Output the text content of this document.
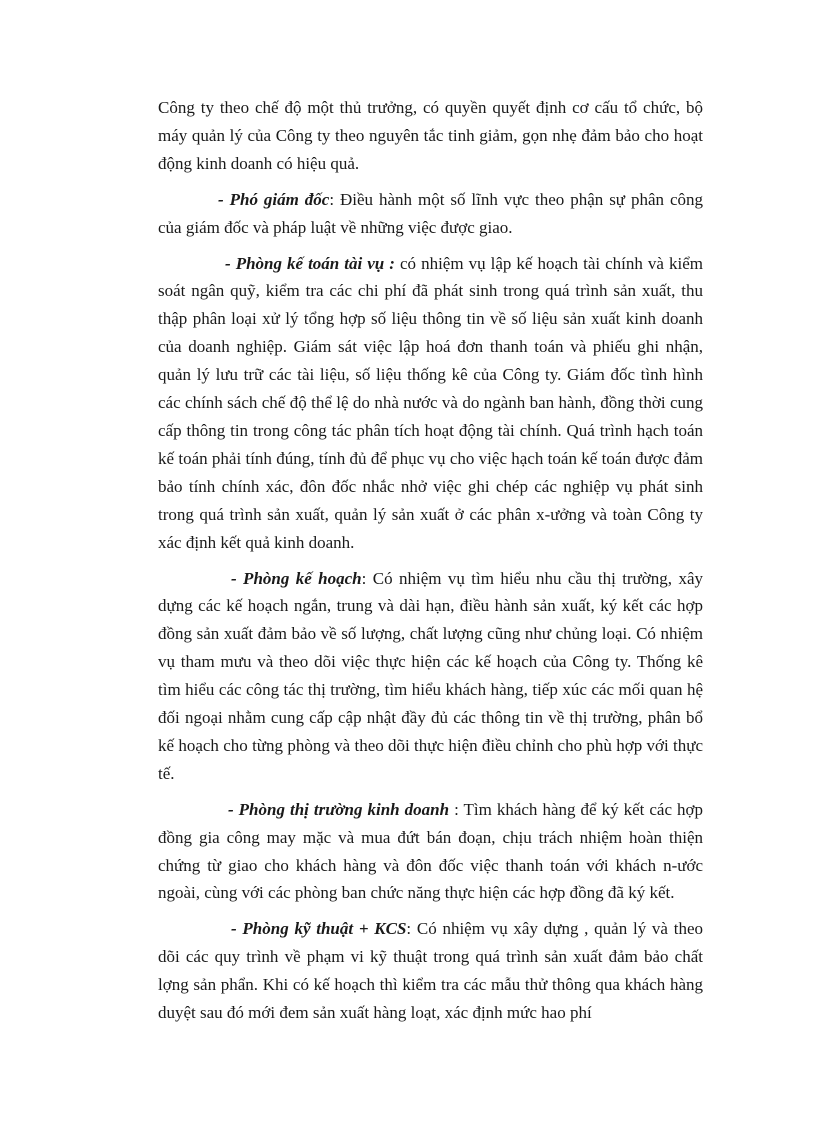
Công ty theo chế độ một thủ trưởng, có quyền quyết định cơ cấu tổ chức, bộ máy quản lý của Công ty theo nguyên tắc tinh giảm, gọn nhẹ đảm bảo cho hoạt động kinh doanh có hiệu quả.

- Phó giám đốc: Điều hành một số lĩnh vực theo phận sự phân công của giám đốc và pháp luật về những việc được giao.

- Phòng kế toán tài vụ : có nhiệm vụ lập kế hoạch tài chính và kiểm soát ngân quỹ, kiểm tra các chi phí đã phát sinh trong quá trình sản xuất, thu thập phân loại xử lý tổng hợp số liệu thông tin về số liệu sản xuất kinh doanh của doanh nghiệp. Giám sát việc lập hoá đơn thanh toán và phiếu ghi nhận, quản lý lưu trữ các tài liệu, số liệu thống kê của Công ty. Giám đốc tình hình các chính sách chế độ thể lệ do nhà nước và do ngành ban hành, đồng thời cung cấp thông tin trong công tác phân tích hoạt động tài chính. Quá trình hạch toán kế toán phải tính đúng, tính đủ để phục vụ cho việc hạch toán kế toán được đảm bảo tính chính xác, đôn đốc nhắc nhở việc ghi chép các nghiệp vụ phát sinh trong quá trình sản xuất, quản lý sản xuất ở các phân x-ưởng và toàn Công ty xác định kết quả kinh doanh.

- Phòng kế hoạch: Có nhiệm vụ tìm hiểu nhu cầu thị trường, xây dựng các kế hoạch ngắn, trung và dài hạn, điều hành sản xuất, ký kết các hợp đồng sản xuất đảm bảo về số lượng, chất lượng cũng như chủng loại. Có nhiệm vụ tham mưu và theo dõi việc thực hiện các kế hoạch của Công ty. Thống kê tìm hiểu các công tác thị trường, tìm hiểu khách hàng, tiếp xúc các mối quan hệ đối ngoại nhằm cung cấp cập nhật đầy đủ các thông tin về thị trường, phân bổ kế hoạch cho từng phòng và theo dõi thực hiện điều chỉnh cho phù hợp với thực tế.

- Phòng thị trường kinh doanh : Tìm khách hàng để ký kết các hợp đồng gia công may mặc và mua đứt bán đoạn, chịu trách nhiệm hoàn thiện chứng từ giao cho khách hàng và đôn đốc việc thanh toán với khách n-ước ngoài, cùng với các phòng ban chức năng thực hiện các hợp đồng đã ký kết.

- Phòng kỹ thuật + KCS: Có nhiệm vụ xây dựng , quản lý và theo dõi các quy trình về phạm vi kỹ thuật trong quá trình sản xuất đảm bảo chất lợng sản phẩn. Khi có kế hoạch thì kiểm tra các mẫu thử thông qua khách hàng duyệt sau đó mới đem sản xuất hàng loạt, xác định mức hao phí
